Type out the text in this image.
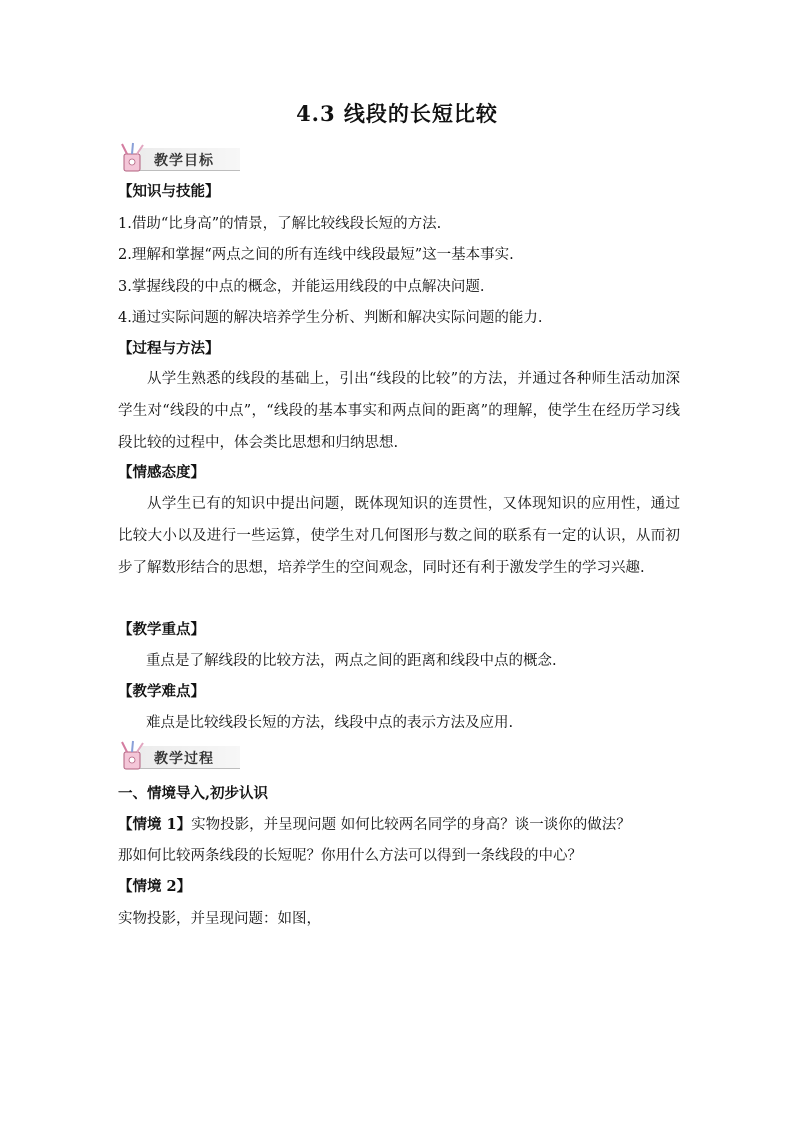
4.3 线段的长短比较
教学目标
【知识与技能】
1.借助“比身高”的情景，了解比较线段长短的方法.
2.理解和掌握“两点之间的所有连线中线段最短”这一基本事实.
3.掌握线段的中点的概念，并能运用线段的中点解决问题.
4.通过实际问题的解决培养学生分析、判断和解决实际问题的能力.
【过程与方法】
从学生熟悉的线段的基础上，引出“线段的比较”的方法，并通过各种师生活动加深学生对“线段的中点”，“线段的基本事实和两点间的距离”的理解，使学生在经历学习线段比较的过程中，体会类比思想和归纳思想.
【情感态度】
从学生已有的知识中提出问题，既体现知识的连贯性，又体现知识的应用性，通过比较大小以及进行一些运算，使学生对几何图形与数之间的联系有一定的认识，从而初步了解数形结合的思想，培养学生的空间观念，同时还有利于激发学生的学习兴趣.
【教学重点】
重点是了解线段的比较方法，两点之间的距离和线段中点的概念.
【教学难点】
难点是比较线段长短的方法，线段中点的表示方法及应用.
教学过程
一、情境导入,初步认识
【情境 1】实物投影，并呈现问题 如何比较两名同学的身高？谈一谈你的做法？
那如何比较两条线段的长短呢？你用什么方法可以得到一条线段的中心？
【情境 2】
实物投影，并呈现问题：如图，
